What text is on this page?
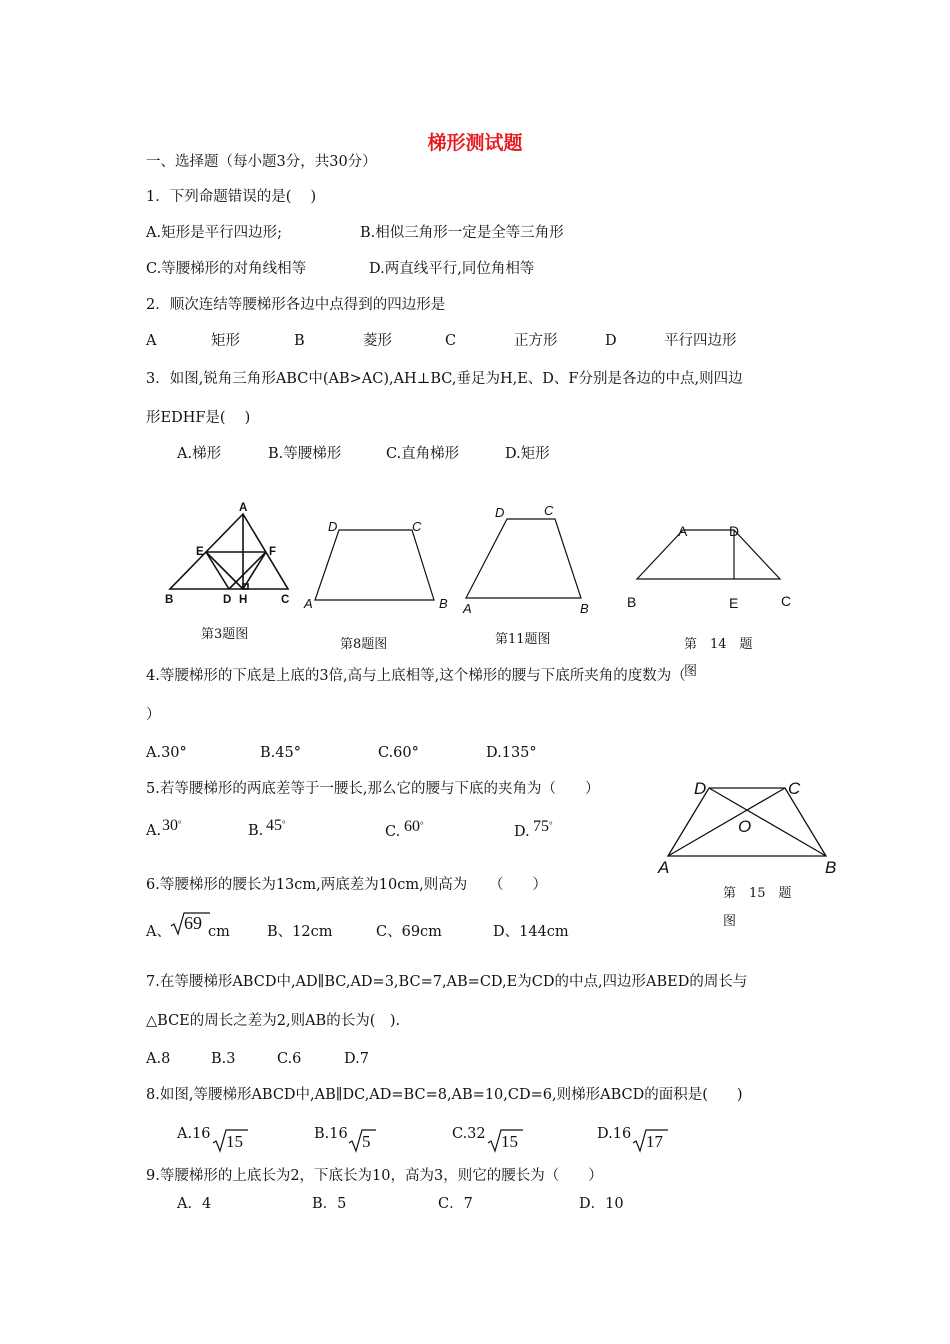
梯形测试题
一、选择题（每小题3分，共30分）
1．下列命题错误的是(　 )
A.矩形是平行四边形;	B.相似三角形一定是全等三角形
C.等腰梯形的对角线相等	D.两直线平行,同位角相等
2．顺次连结等腰梯形各边中点得到的四边形是
A	矩形	B	菱形	C	正方形	D	平行四边形
3．如图,锐角三角形ABC中(AB>AC),AH⊥BC,垂足为H,E、D、F分别是各边的中点,则四边
形EDHF是(　 )
A.梯形	B.等腰梯形	C.直角梯形	D.矩形
A
E	F
B	D H	C
第3题图
D	C
A	B
第8题图
D	C
A	B
第11题图
A	D
B	E	C
第　14　题
图
4.等腰梯形的下底是上底的3倍,高与上底相等,这个梯形的腰与下底所夹角的度数为（
）
A.30°	B.45°	C.60°	D.135°
5.若等腰梯形的两底差等于一腰长,那么它的腰与下底的夹角为（　　）
A. 30°	B. 45°	C. 60°	D. 75°
D	C
O
A	B
第　15　题
图
6.等腰梯形的腰长为13cm,两底差为10cm,则高为　　（　　）
A、 69 cm	B、12cm	C、69cm	D、144cm
7.在等腰梯形ABCD中,AD∥BC,AD=3,BC=7,AB=CD,E为CD的中点,四边形ABED的周长与
△BCE的周长之差为2,则AB的长为(　).
A.8	B.3	C.6	D.7
8.如图,等腰梯形ABCD中,AB∥DC,AD=BC=8,AB=10,CD=6,则梯形ABCD的面积是(　　)
A.16 15	B.16 5	C.32 15	D.16 17
9.等腰梯形的上底长为2，下底长为10，高为3，则它的腰长为（　　）
A．4	B．5	C．7	D．10
